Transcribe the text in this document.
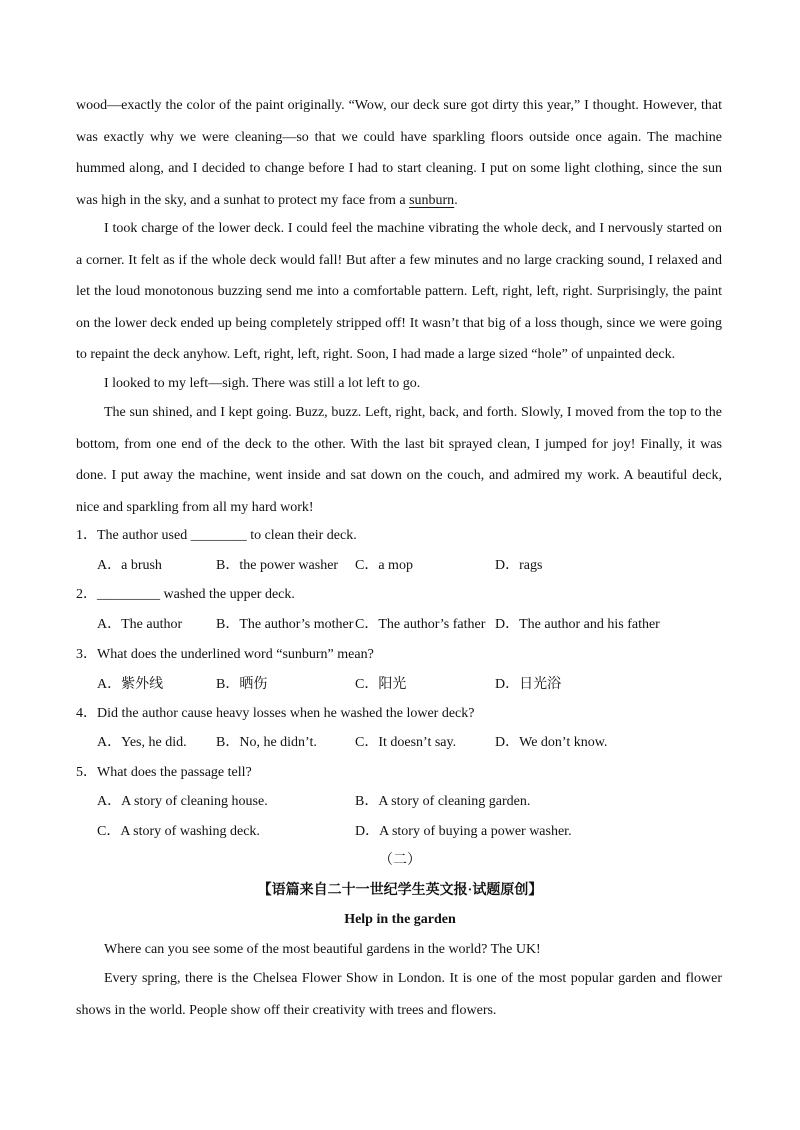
wood—exactly the color of the paint originally. “Wow, our deck sure got dirty this year,” I thought. However, that was exactly why we were cleaning—so that we could have sparkling floors outside once again. The machine hummed along, and I decided to change before I had to start cleaning. I put on some light clothing, since the sun was high in the sky, and a sunhat to protect my face from a sunburn.

I took charge of the lower deck. I could feel the machine vibrating the whole deck, and I nervously started on a corner. It felt as if the whole deck would fall! But after a few minutes and no large cracking sound, I relaxed and let the loud monotonous buzzing send me into a comfortable pattern. Left, right, left, right. Surprisingly, the paint on the lower deck ended up being completely stripped off! It wasn’t that big of a loss though, since we were going to repaint the deck anyhow. Left, right, left, right. Soon, I had made a large sized “hole” of unpainted deck.

I looked to my left—sigh. There was still a lot left to go.

The sun shined, and I kept going. Buzz, buzz. Left, right, back, and forth. Slowly, I moved from the top to the bottom, from one end of the deck to the other. With the last bit sprayed clean, I jumped for joy! Finally, it was done. I put away the machine, went inside and sat down on the couch, and admired my work. A beautiful deck, nice and sparkling from all my hard work!

1．The author used ________ to clean their deck.
A．a brush	B．the power washer C．a mop	D．rags
2．_________ washed the upper deck.
A．The author B．The author’s mother C．The author’s father D．The author and his father
3．What does the underlined word “sunburn” mean?
A．紫外线	B．晒伤	C．阳光	D．日光浴
4．Did the author cause heavy losses when he washed the lower deck?
A．Yes, he did. B．No, he didn’t.	C．It doesn’t say.	D．We don’t know.
5．What does the passage tell?
A．A story of cleaning house.	B．A story of cleaning garden.
C．A story of washing deck.	D．A story of buying a power washer.
（二）
【语篇来自二十一世纪学生英文报·试题原创】
Help in the garden

Where can you see some of the most beautiful gardens in the world? The UK!

Every spring, there is the Chelsea Flower Show in London. It is one of the most popular garden and flower shows in the world. People show off their creativity with trees and flowers.
